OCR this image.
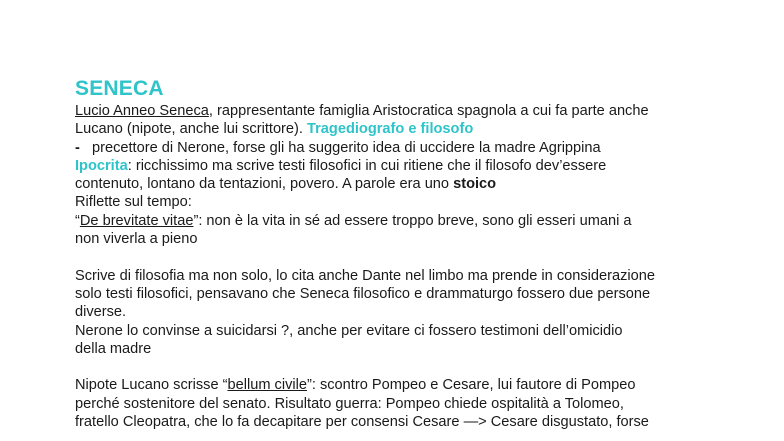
SENECA

Lucio Anneo Seneca, rappresentante famiglia Aristocratica spagnola a cui fa parte anche

Lucano (nipote, anche lui scrittore). Tragediografo e filosofo

- precettore di Nerone, forse gli ha suggerito idea di uccidere la madre Agrippina

Ipocrita: ricchissimo ma scrive testi filosofici in cui ritiene che il filosofo dev’essere

contenuto, lontano da tentazioni, povero. A parole era uno stoico

Riflette sul tempo:

“De brevitate vitae”: non è la vita in sé ad essere troppo breve, sono gli esseri umani a

non viverla a pieno

Scrive di filosofia ma non solo, lo cita anche Dante nel limbo ma prende in considerazione

solo testi filosofici, pensavano che Seneca filosofico e drammaturgo fossero due persone

diverse.

Nerone lo convinse a suicidarsi ?, anche per evitare ci fossero testimoni dell’omicidio

della madre

Nipote Lucano scrisse “bellum civile”: scontro Pompeo e Cesare, lui fautore di Pompeo

perché sostenitore del senato. Risultato guerra: Pompeo chiede ospitalità a Tolomeo,

fratello Cleopatra, che lo fa decapitare per consensi Cesare —> Cesare disgustato, forse
